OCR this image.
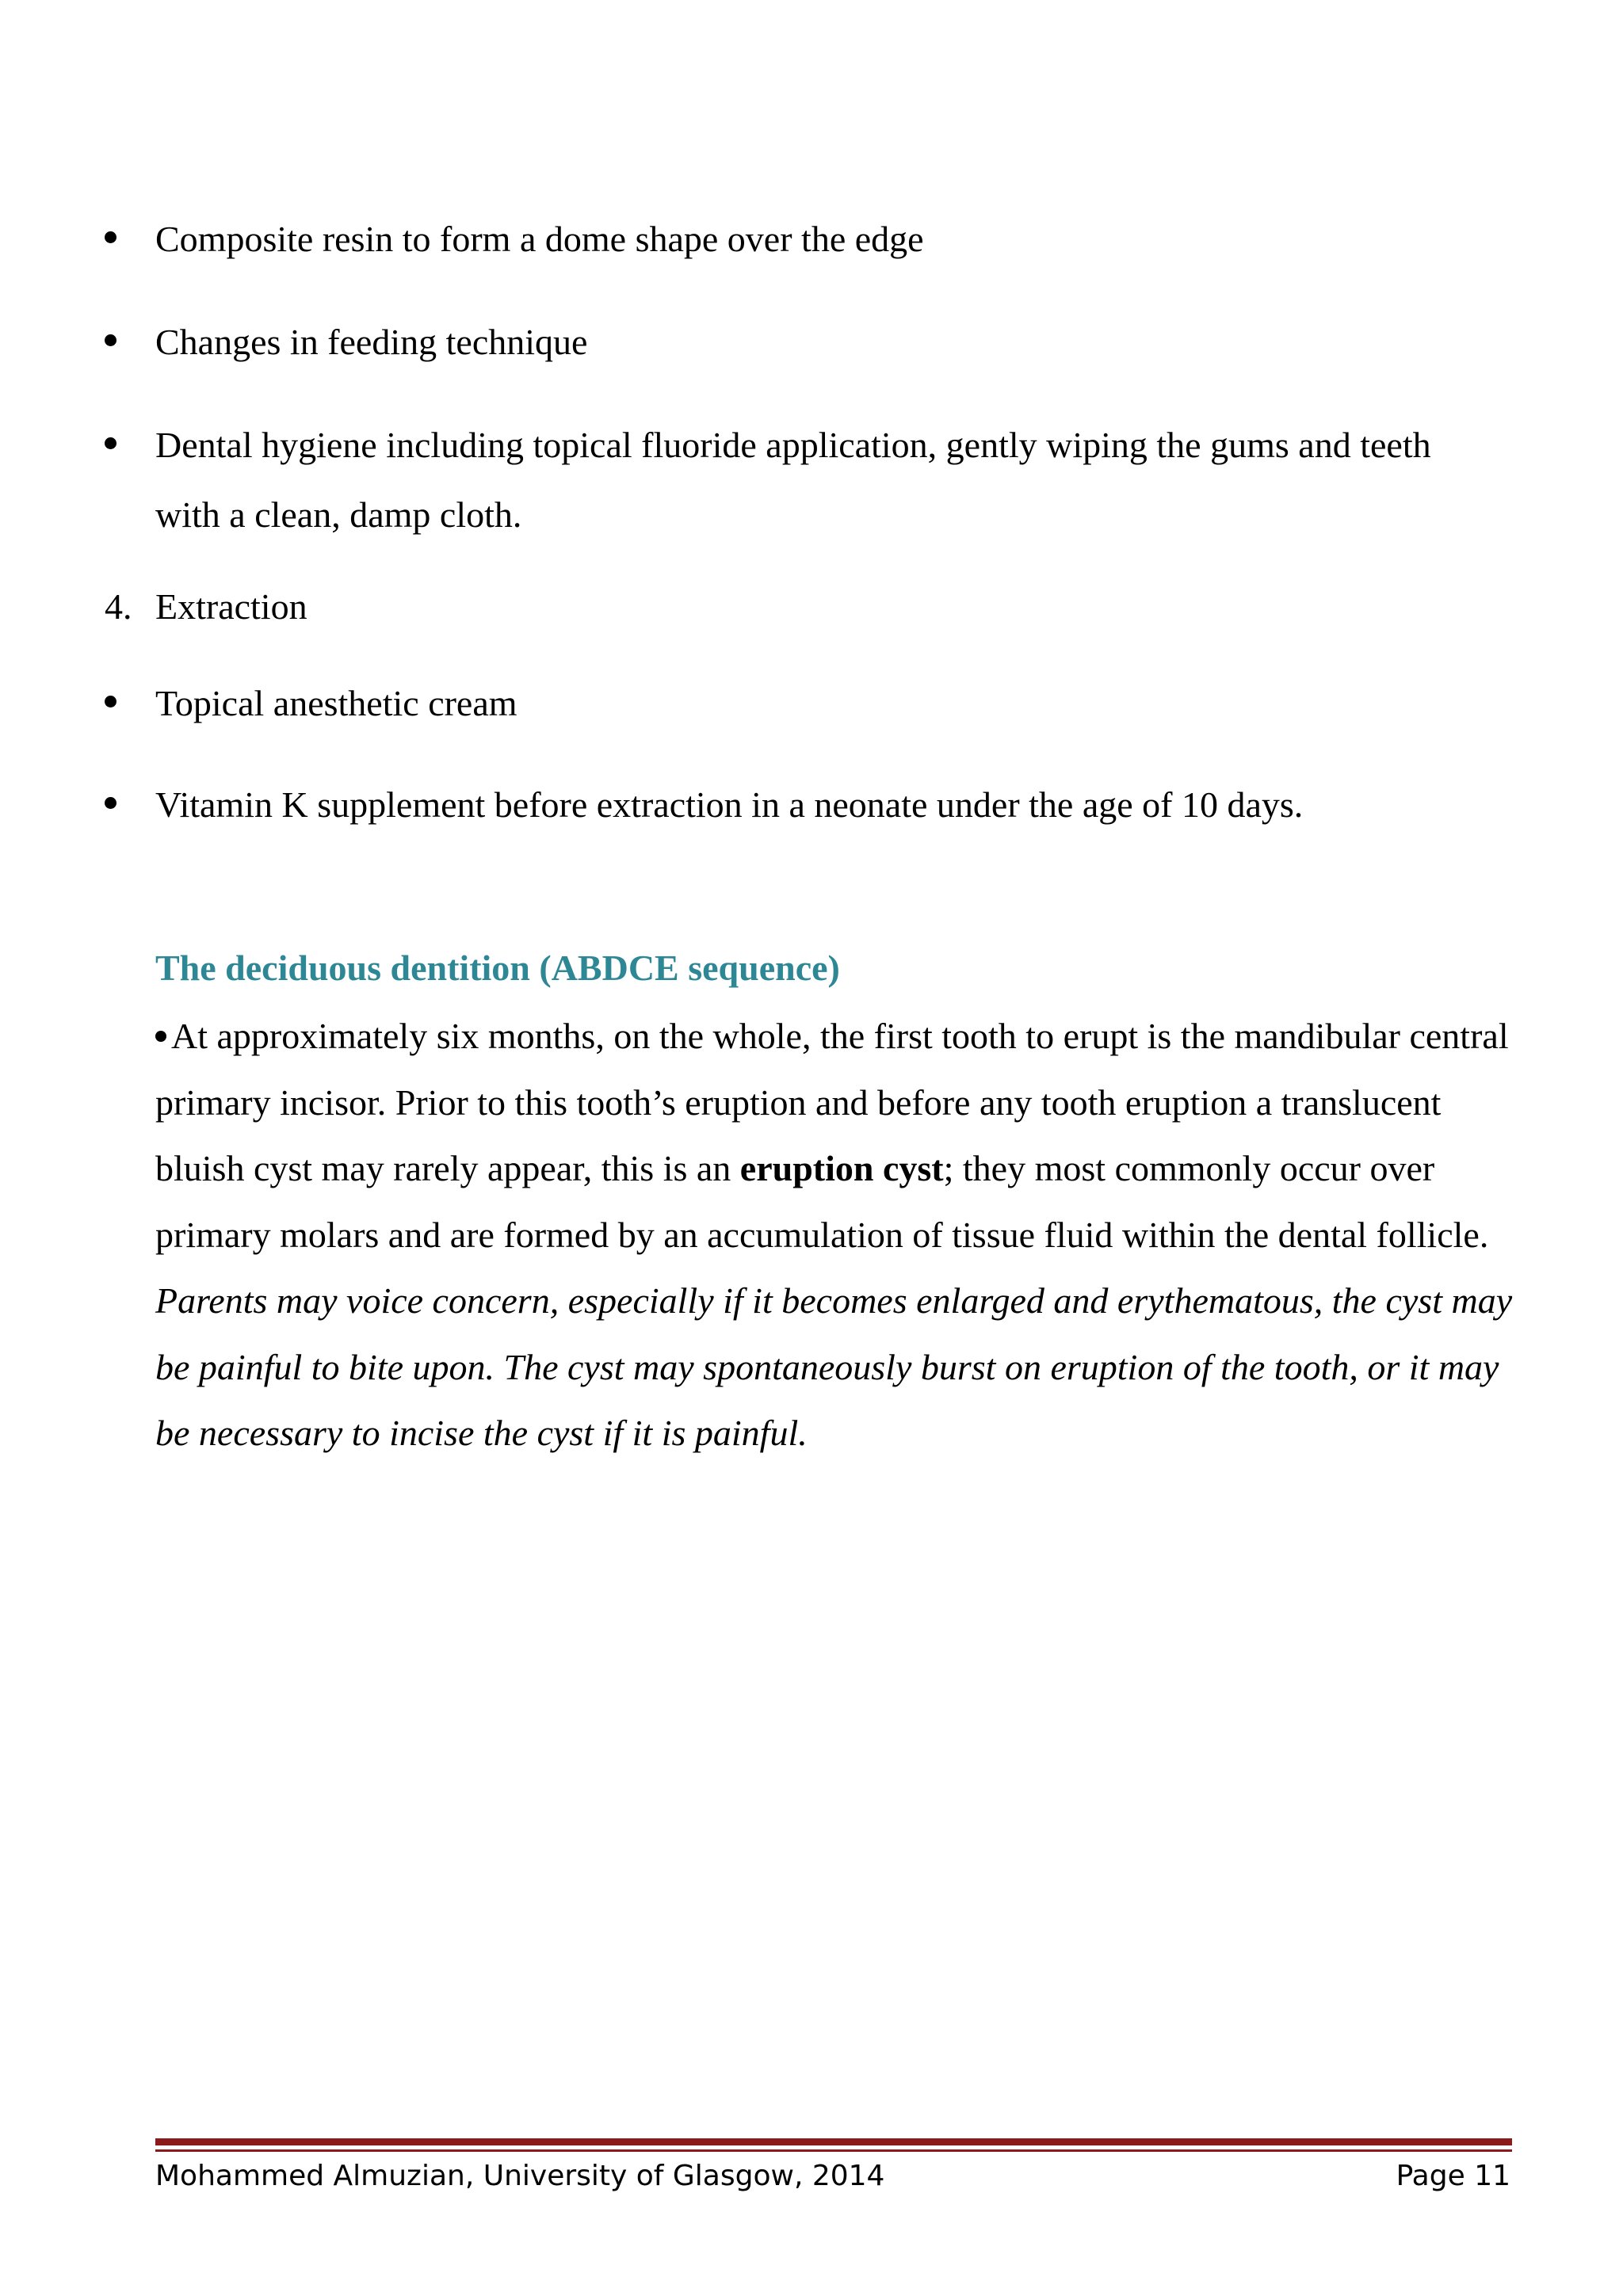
Composite resin to form a dome shape over the edge
Changes in feeding technique
Dental hygiene including topical fluoride application, gently wiping the gums and teeth with a clean, damp cloth.
4. Extraction
Topical anesthetic cream
Vitamin K supplement before extraction in a neonate under the age of 10 days.
The deciduous dentition (ABDCE sequence)
At approximately six months, on the whole, the first tooth to erupt is the mandibular central primary incisor. Prior to this tooth’s eruption and before any tooth eruption a translucent bluish cyst may rarely appear, this is an eruption cyst; they most commonly occur over primary molars and are formed by an accumulation of tissue fluid within the dental follicle. Parents may voice concern, especially if it becomes enlarged and erythematous, the cyst may be painful to bite upon. The cyst may spontaneously burst on eruption of the tooth, or it may be necessary to incise the cyst if it is painful.
Mohammed Almuzian, University of Glasgow, 2014	Page 11
